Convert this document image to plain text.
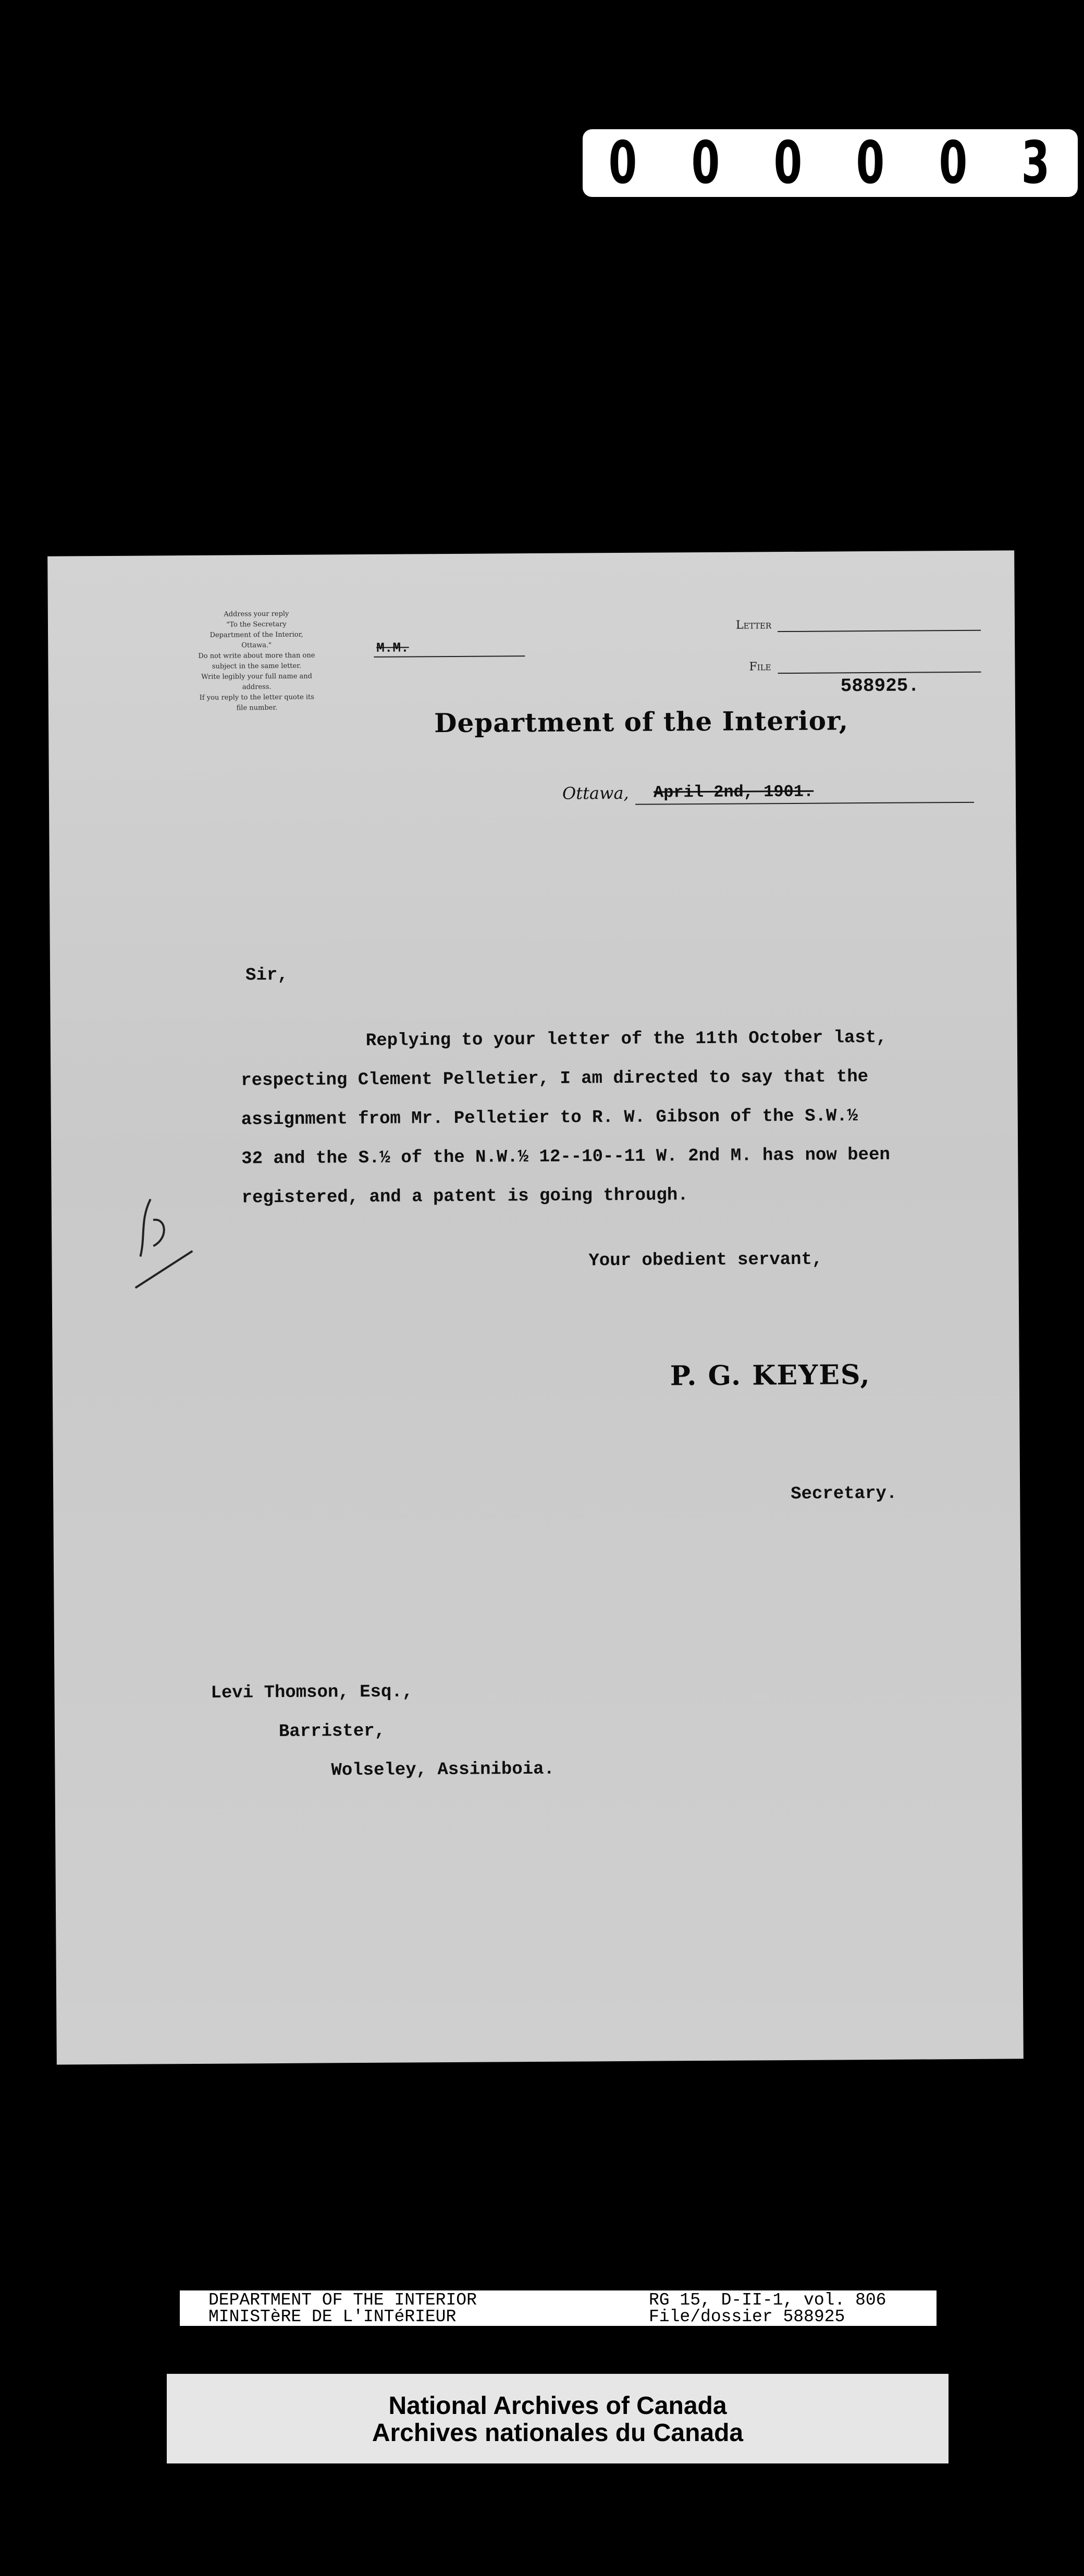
0 0 0 0 0 3
Address your reply
"To the Secretary
Department of the Interior,
Ottawa."
Do not write about more than one
subject in the same letter.
Write legibly your full name and
address.
If you reply to the letter quote its
file number.
M.M.
Letter
File
588925.
Department of the Interior,
Ottawa, April 2nd, 1901.
Sir,
Replying to your letter of the 11th October last,
respecting Clement Pelletier, I am directed to say that the
assignment from Mr. Pelletier to R. W. Gibson of the S.W.½
32 and the S.½ of the N.W.½ 12--10--11 W. 2nd M. has now been
registered, and a patent is going through.
Your obedient servant,
P. G. KEYES,
Secretary.
Levi Thomson, Esq.,
Barrister,
Wolseley, Assiniboia.
DEPARTMENT OF THE INTERIOR
MINISTèRE DE L'INTéRIEUR
RG 15, D-II-1, vol. 806
File/dossier 588925
National Archives of Canada
Archives nationales du Canada
